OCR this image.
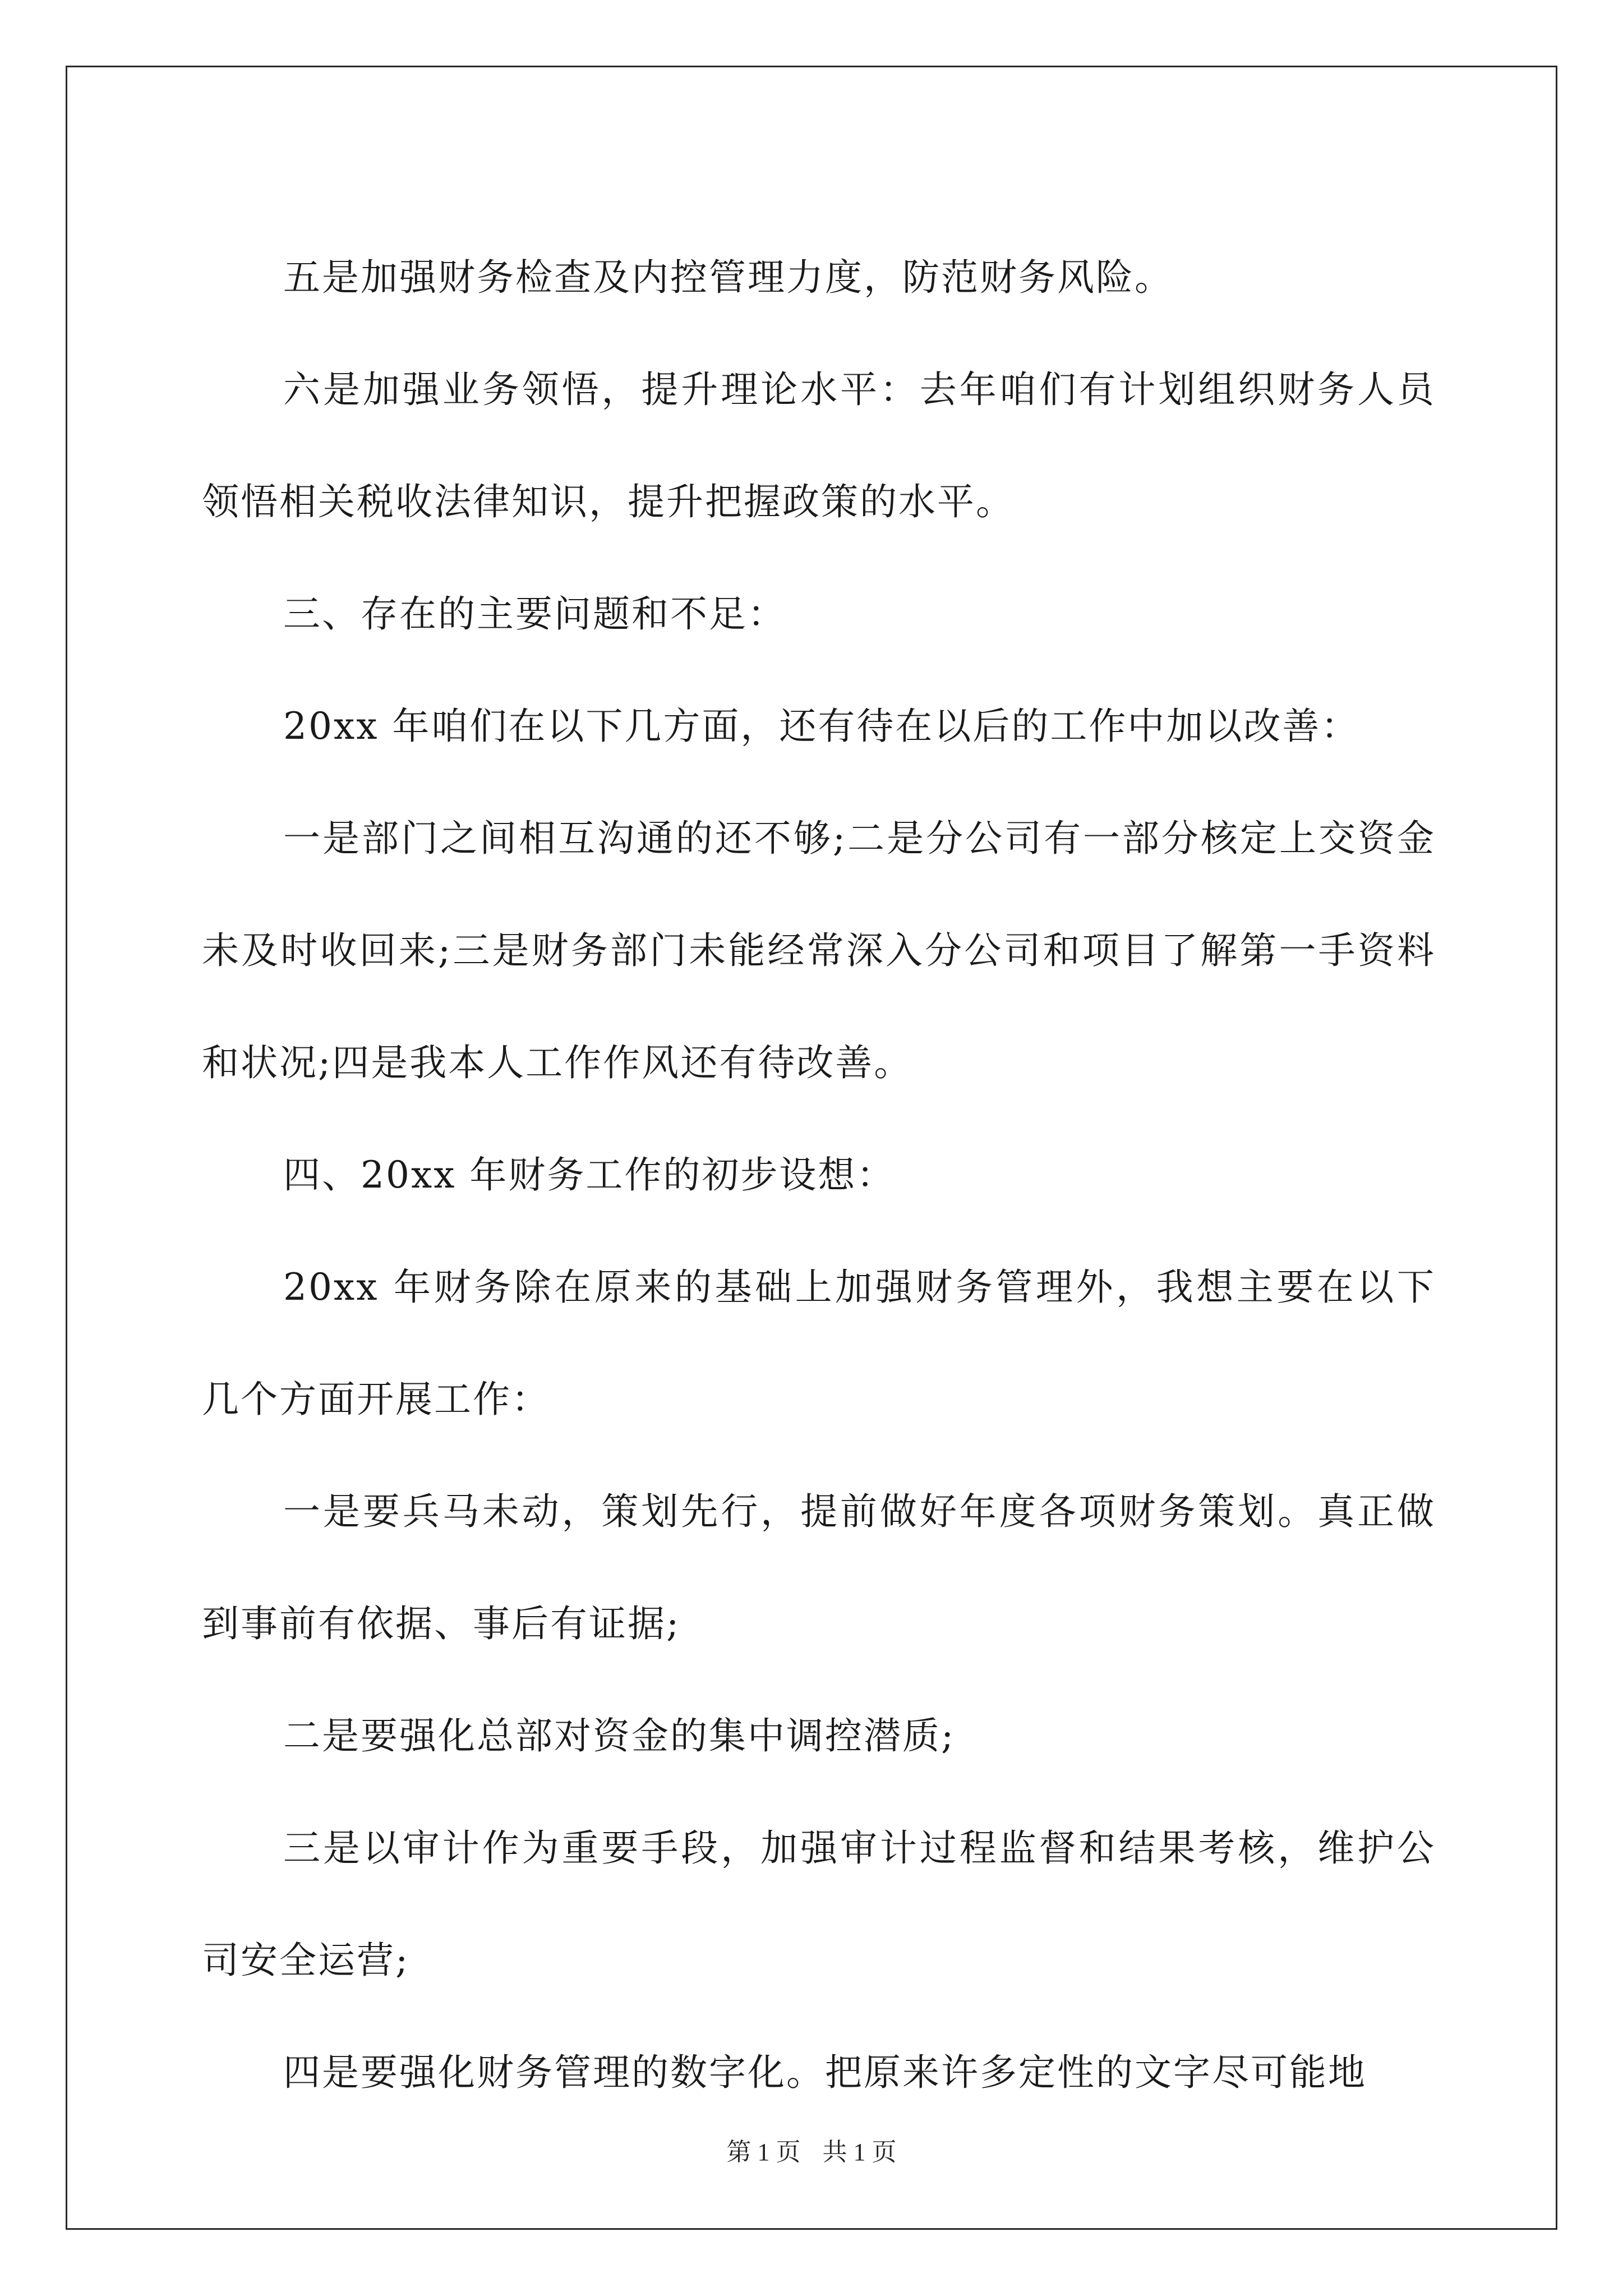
五是加强财务检查及内控管理力度，防范财务风险。

六是加强业务领悟，提升理论水平：去年咱们有计划组织财务人员领悟相关税收法律知识，提升把握政策的水平。

三、存在的主要问题和不足：

20xx 年咱们在以下几方面，还有待在以后的工作中加以改善：

一是部门之间相互沟通的还不够;二是分公司有一部分核定上交资金未及时收回来;三是财务部门未能经常深入分公司和项目了解第一手资料和状况;四是我本人工作作风还有待改善。

四、20xx 年财务工作的初步设想：

20xx 年财务除在原来的基础上加强财务管理外，我想主要在以下几个方面开展工作：

一是要兵马未动，策划先行，提前做好年度各项财务策划。真正做到事前有依据、事后有证据;

二是要强化总部对资金的集中调控潜质;

三是以审计作为重要手段，加强审计过程监督和结果考核，维护公司安全运营;

四是要强化财务管理的数字化。把原来许多定性的文字尽可能地

第 1 页 共 1 页
